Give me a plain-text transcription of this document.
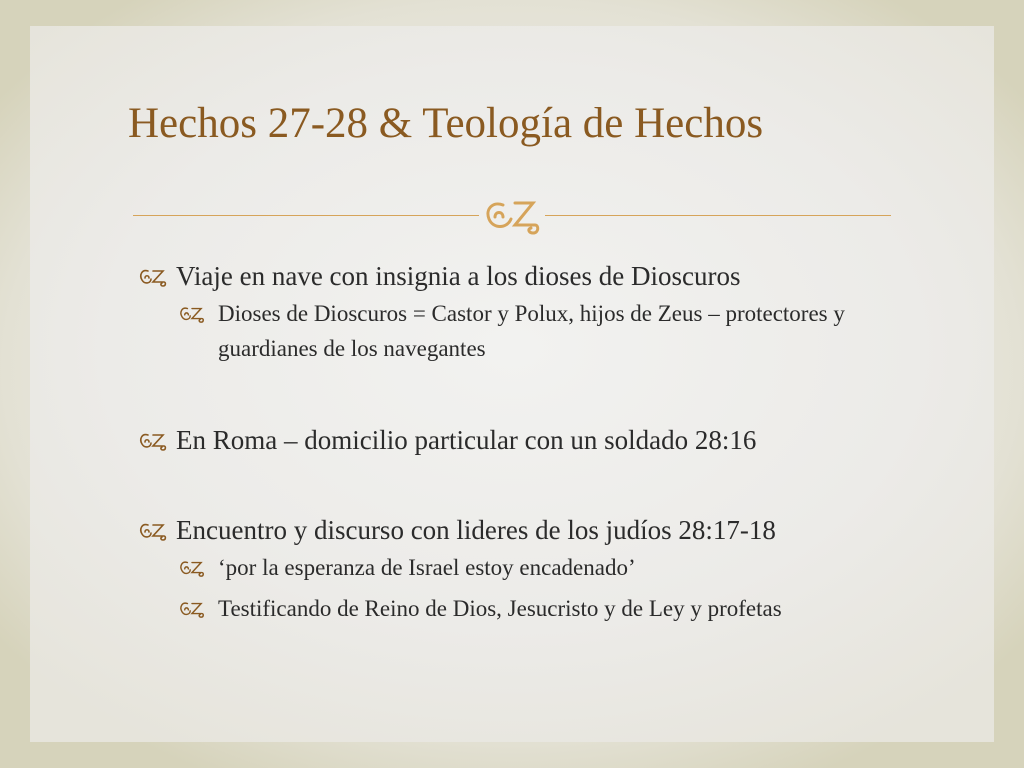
Hechos 27-28 & Teología de Hechos
Viaje en nave con insignia a los dioses de Dioscuros
Dioses de Dioscuros = Castor y Polux, hijos de Zeus – protectores y guardianes de los navegantes
En Roma – domicilio particular con un soldado 28:16
Encuentro y discurso con lideres de los judíos 28:17-18
‘por la esperanza de Israel estoy encadenado’
Testificando de Reino de Dios, Jesucristo y de Ley y profetas
